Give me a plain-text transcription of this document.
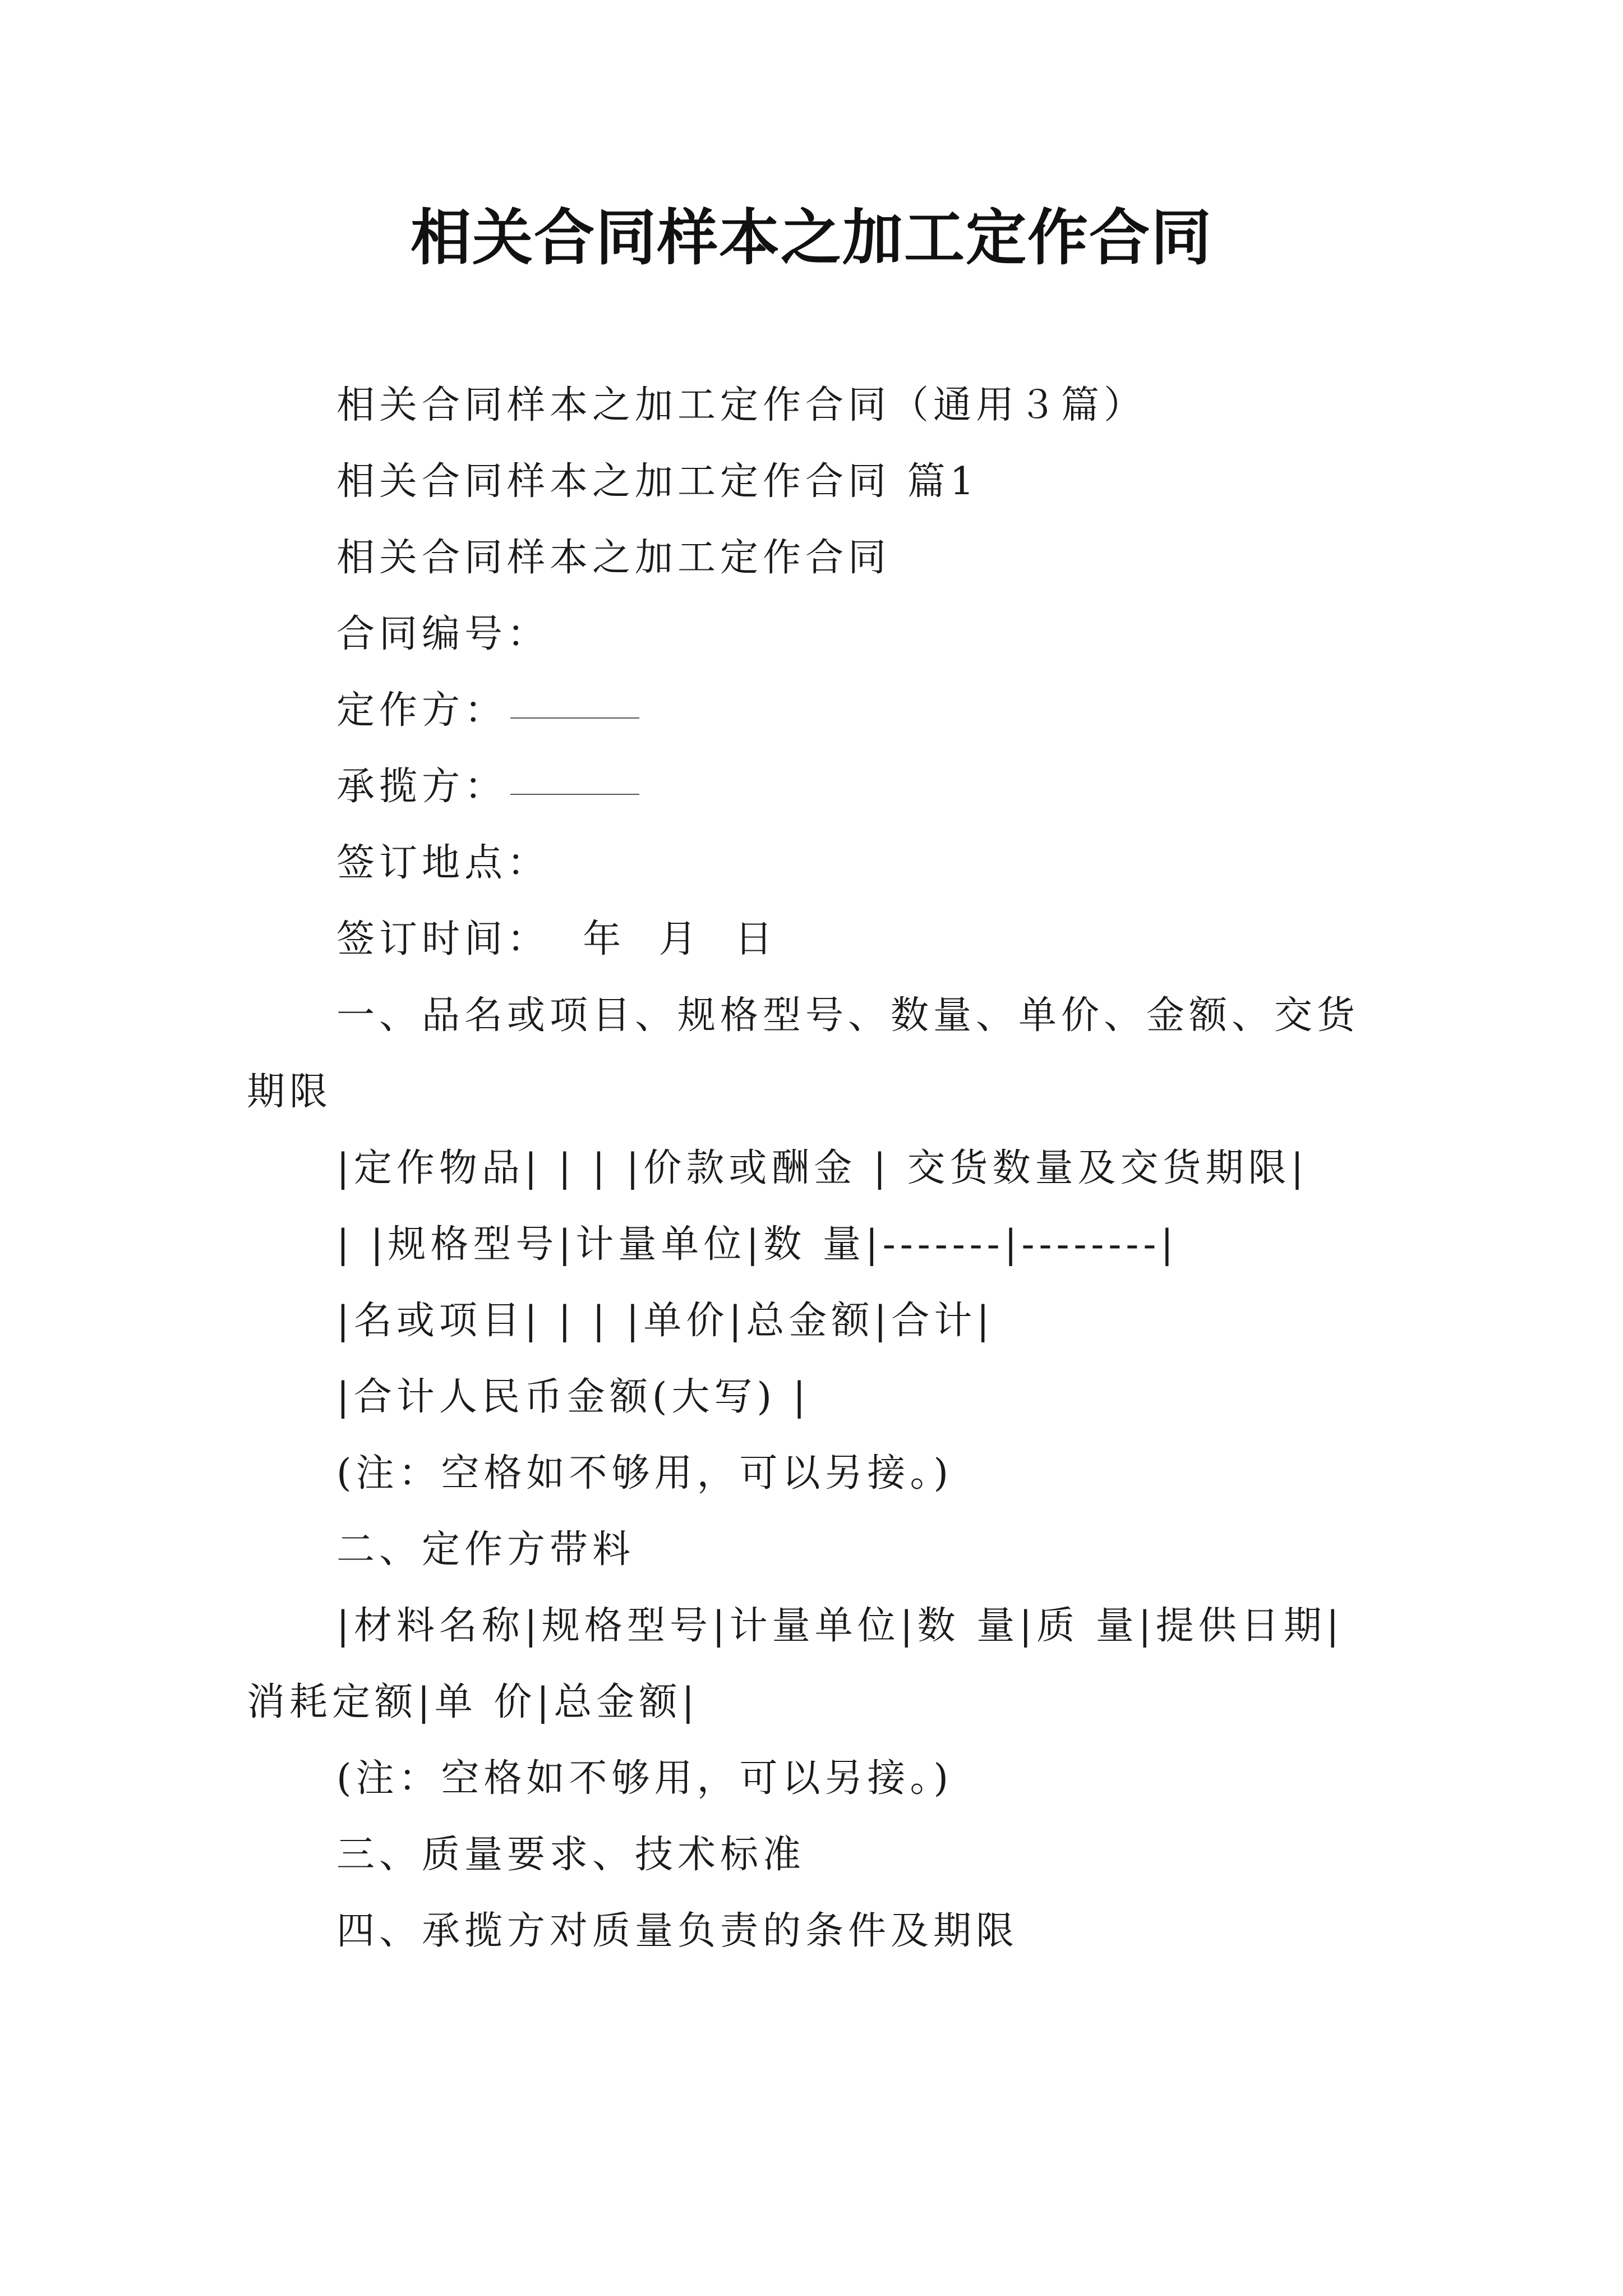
相关合同样本之加工定作合同

相关合同样本之加工定作合同（通用３篇）

相关合同样本之加工定作合同 篇1

相关合同样本之加工定作合同

合同编号：

定作方：

承揽方：

签订地点：

签订时间：  年  月  日

一、品名或项目、规格型号、数量、单价、金额、交货期限

|定作物品| | | |价款或酬金 | 交货数量及交货期限|

| |规格型号|计量单位|数 量|-------|--------|

|名或项目| | | |单价|总金额|合计|

|合计人民币金额(大写) |

(注：空格如不够用，可以另接。)

二、定作方带料

|材料名称|规格型号|计量单位|数 量|质 量|提供日期|消耗定额|单 价|总金额|

(注：空格如不够用，可以另接。)

三、质量要求、技术标准

四、承揽方对质量负责的条件及期限
